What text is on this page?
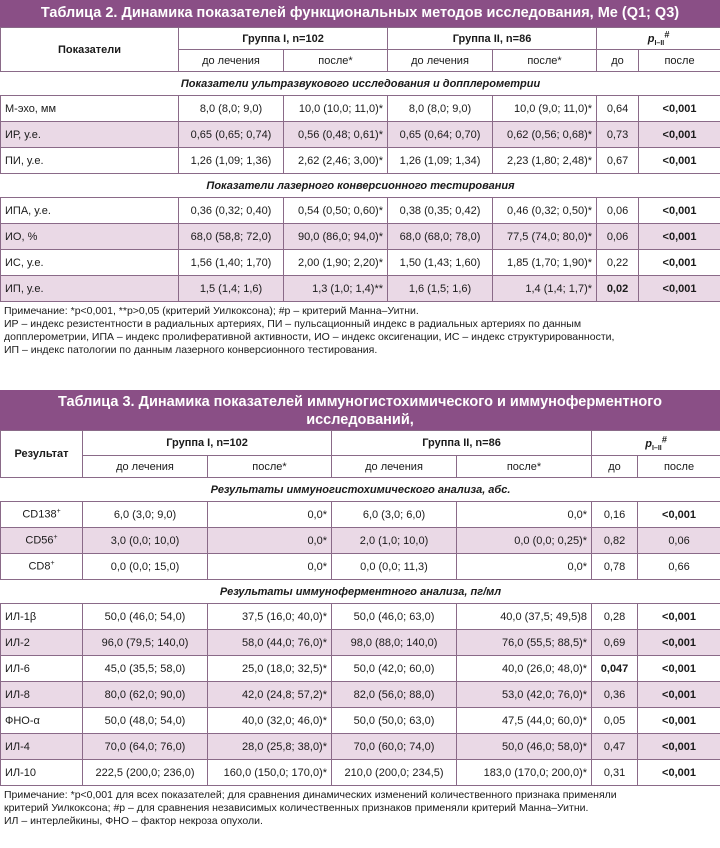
Таблица 2. Динамика показателей функциональных методов исследования, Ме (Q1; Q3)
Показатели	Группа I, n=102		Группа II, n=86		$p_{I-II}^{\#}$
	до лечения	после*	до лечения	после*	до	после
Показатели ультразвукового исследования и допплерометрии						
М-эхо, мм	8,0 (8,0; 9,0)	10,0 (10,0; 11,0)*	8,0 (8,0; 9,0)	10,0 (9,0; 11,0)*	0,64	<0,001
ИР, у.е.	0,65 (0,65; 0,74)	0,56 (0,48; 0,61)*	0,65 (0,64; 0,70)	0,62 (0,56; 0,68)*	0,73	<0,001
ПИ, у.е.	1,26 (1,09; 1,36)	2,62 (2,46; 3,00)*	1,26 (1,09; 1,34)	2,23 (1,80; 2,48)*	0,67	<0,001
Показатели лазерного конверсионного тестирования						
ИПА, у.е.	0,36 (0,32; 0,40)	0,54 (0,50; 0,60)*	0,38 (0,35; 0,42)	0,46 (0,32; 0,50)*	0,06	<0,001
ИО, %	68,0 (58,8; 72,0)	90,0 (86,0; 94,0)*	68,0 (68,0; 78,0)	77,5 (74,0; 80,0)*	0,06	<0,001
ИС, у.е.	1,56 (1,40; 1,70)	2,00 (1,90; 2,20)*	1,50 (1,43; 1,60)	1,85 (1,70; 1,90)*	0,22	<0,001
ИП, у.е.	1,5 (1,4; 1,6)	1,3 (1,0; 1,4)**	1,6 (1,5; 1,6)	1,4 (1,4; 1,7)*	0,02	<0,001
Примечание: *p<0,001, **p>0,05 (критерий Уилкоксона); #p – критерий Манна–Уитни.
ИР – индекс резистентности в радиальных артериях, ПИ – пульсационный индекс в радиальных артериях по данным
допплерометрии, ИПА – индекс пролиферативной активности, ИО – индекс оксигенации, ИС – индекс структурированности,
ИП – индекс патологии по данным лазерного конверсионного тестирования.
Таблица 3. Динамика показателей иммуногистохимического и иммуноферментного исследований,
Ме (Q1; Q3)
Результат	Группа I, n=102		Группа II, n=86		$p_{I-II}^{\#}$
	до лечения	после*	до лечения	после*	до	после
Результаты иммуногистохимического анализа, абс.						
CD138+	6,0 (3,0; 9,0)	0,0*	6,0 (3,0; 6,0)	0,0*	0,16	<0,001
CD56+	3,0 (0,0; 10,0)	0,0*	2,0 (1,0; 10,0)	0,0 (0,0; 0,25)*	0,82	0,06
CD8+	0,0 (0,0; 15,0)	0,0*	0,0 (0,0; 11,3)	0,0*	0,78	0,66
Результаты иммуноферментного анализа, пг/мл						
ИЛ-1β	50,0 (46,0; 54,0)	37,5 (16,0; 40,0)*	50,0 (46,0; 63,0)	40,0 (37,5; 49,5)8	0,28	<0,001
ИЛ-2	96,0 (79,5; 140,0)	58,0 (44,0; 76,0)*	98,0 (88,0; 140,0)	76,0 (55,5; 88,5)*	0,69	<0,001
ИЛ-6	45,0 (35,5; 58,0)	25,0 (18,0; 32,5)*	50,0 (42,0; 60,0)	40,0 (26,0; 48,0)*	0,047	<0,001
ИЛ-8	80,0 (62,0; 90,0)	42,0 (24,8; 57,2)*	82,0 (56,0; 88,0)	53,0 (42,0; 76,0)*	0,36	<0,001
ФНО-α	50,0 (48,0; 54,0)	40,0 (32,0; 46,0)*	50,0 (50,0; 63,0)	47,5 (44,0; 60,0)*	0,05	<0,001
ИЛ-4	70,0 (64,0; 76,0)	28,0 (25,8; 38,0)*	70,0 (60,0; 74,0)	50,0 (46,0; 58,0)*	0,47	<0,001
ИЛ-10	222,5 (200,0; 236,0)	160,0 (150,0; 170,0)*	210,0 (200,0; 234,5)	183,0 (170,0; 200,0)*	0,31	<0,001
Примечание: *p<0,001 для всех показателей; для сравнения динамических изменений количественного признака применяли
критерий Уилкоксона; #p – для сравнения независимых количественных признаков применяли критерий Манна–Уитни.
ИЛ – интерлейкины, ФНО – фактор некроза опухоли.
